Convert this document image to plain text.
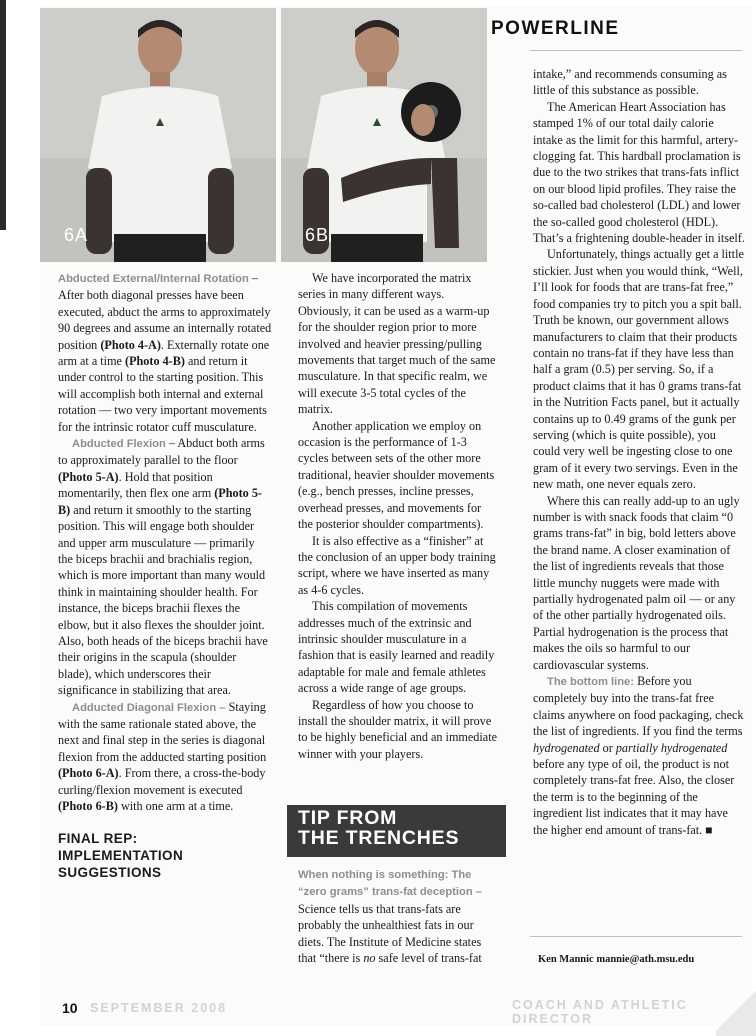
6A	6B

Abducted External/Internal Rotation – After both diagonal presses have been executed, abduct the arms to approximately 90 degrees and assume an internally rotated position (Photo 4-A). Externally rotate one arm at a time (Photo 4-B) and return it under control to the starting position. This will accomplish both internal and external rotation — two very important movements for the intrinsic rotator cuff musculature.

Abducted Flexion – Abduct both arms to approximately parallel to the floor (Photo 5-A). Hold that position momentarily, then flex one arm (Photo 5-B) and return it smoothly to the starting position. This will engage both shoulder and upper arm musculature — primarily the biceps brachii and brachialis region, which is more important than many would think in maintaining shoulder health. For instance, the biceps brachii flexes the elbow, but it also flexes the shoulder joint. Also, both heads of the biceps brachii have their origins in the scapula (shoulder blade), which underscores their significance in stabilizing that area.

Adducted Diagonal Flexion – Staying with the same rationale stated above, the next and final step in the series is diagonal flexion from the adducted starting position (Photo 6-A). From there, a cross-the-body curling/flexion movement is executed (Photo 6-B) with one arm at a time.

FINAL REP:
IMPLEMENTATION
SUGGESTIONS

We have incorporated the matrix series in many different ways. Obviously, it can be used as a warm-up for the shoulder region prior to more involved and heavier pressing/pulling movements that target much of the same musculature. In that specific realm, we will execute 3-5 total cycles of the matrix.

Another application we employ on occasion is the performance of 1-3 cycles between sets of the other more traditional, heavier shoulder movements (e.g., bench presses, incline presses, overhead presses, and movements for the posterior shoulder compartments).

It is also effective as a “finisher” at the conclusion of an upper body training script, where we have inserted as many as 4-6 cycles.

This compilation of movements addresses much of the extrinsic and intrinsic shoulder musculature in a fashion that is easily learned and readily adaptable for male and female athletes across a wide range of age groups.

Regardless of how you choose to install the shoulder matrix, it will prove to be highly beneficial and an immediate winner with your players.

TIP FROM
THE TRENCHES

When nothing is something: The “zero grams” trans-fat deception – Science tells us that trans-fats are probably the unhealthiest fats in our diets. The Institute of Medicine states that “there is no safe level of trans-fat

POWERLINE

intake,” and recommends consuming as little of this substance as possible.

The American Heart Association has stamped 1% of our total daily calorie intake as the limit for this harmful, artery-clogging fat. This hardball proclamation is due to the two strikes that trans-fats inflict on our blood lipid profiles. They raise the so-called bad cholesterol (LDL) and lower the so-called good cholesterol (HDL). That’s a frightening double-header in itself.

Unfortunately, things actually get a little stickier. Just when you would think, “Well, I’ll look for foods that are trans-fat free,” food companies try to pitch you a spit ball. Truth be known, our government allows manufacturers to claim that their products contain no trans-fat if they have less than half a gram (0.5) per serving. So, if a product claims that it has 0 grams trans-fat in the Nutrition Facts panel, but it actually contains up to 0.49 grams of the gunk per serving (which is quite possible), you could very well be ingesting close to one gram of it every two servings. Even in the new math, one never equals zero.

Where this can really add-up to an ugly number is with snack foods that claim “0 grams trans-fat” in big, bold letters above the brand name. A closer examination of the list of ingredients reveals that those little munchy nuggets were made with partially hydrogenated palm oil — or any of the other partially hydrogenated oils. Partial hydrogenation is the process that makes the oils so harmful to our cardiovascular systems.

The bottom line: Before you completely buy into the trans-fat free claims anywhere on food packaging, check the list of ingredients. If you find the terms hydrogenated or partially hydrogenated before any type of oil, the product is not completely trans-fat free. Also, the closer the term is to the beginning of the ingredient list indicates that it may have the higher end amount of trans-fat. ■

Ken Mannic mannie@ath.msu.edu
10 SEPTEMBER 2008	COACH AND ATHLETIC DIRECTOR
